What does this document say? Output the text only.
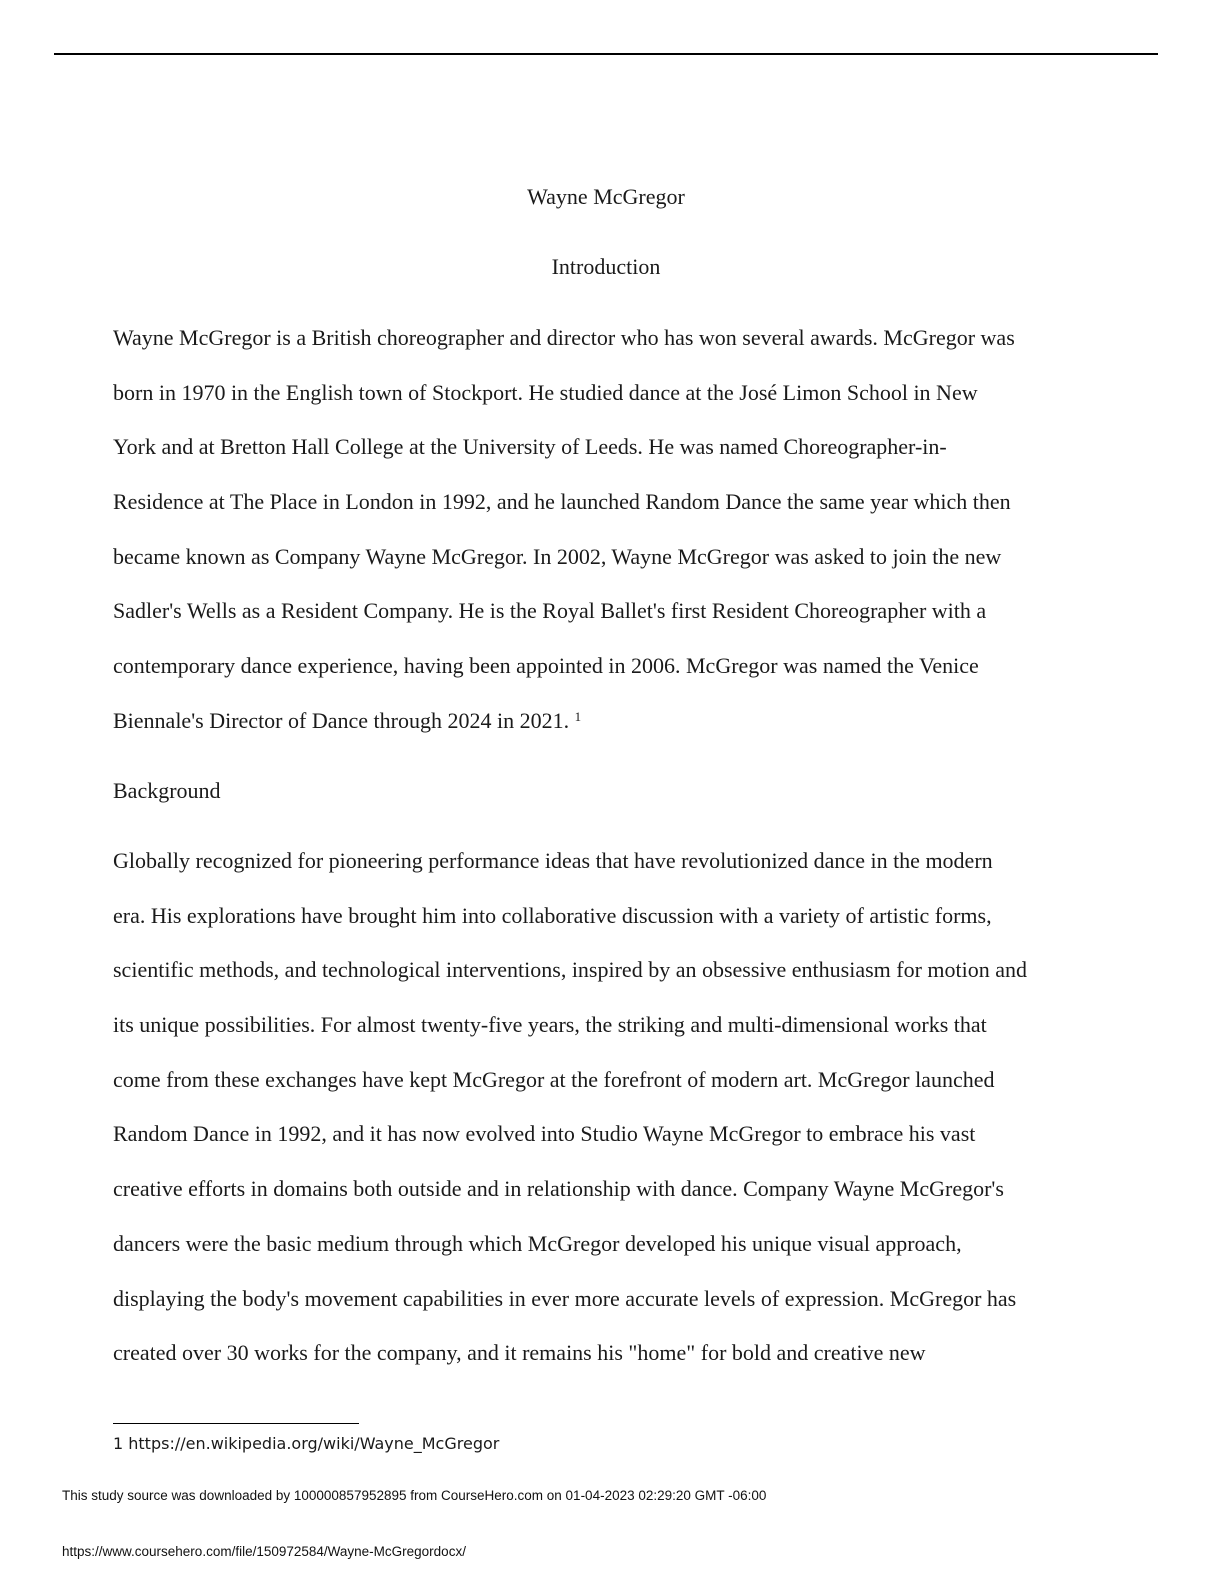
Wayne McGregor
Introduction
Wayne McGregor is a British choreographer and director who has won several awards. McGregor was
born in 1970 in the English town of Stockport. He studied dance at the José Limon School in New
York and at Bretton Hall College at the University of Leeds. He was named Choreographer-in-
Residence at The Place in London in 1992, and he launched Random Dance the same year which then
became known as Company Wayne McGregor. In 2002, Wayne McGregor was asked to join the new
Sadler's Wells as a Resident Company. He is the Royal Ballet's first Resident Choreographer with a
contemporary dance experience, having been appointed in 2006. McGregor was named the Venice
Biennale's Director of Dance through 2024 in 2021. $^1$
Background
Globally recognized for pioneering performance ideas that have revolutionized dance in the modern
era. His explorations have brought him into collaborative discussion with a variety of artistic forms,
scientific methods, and technological interventions, inspired by an obsessive enthusiasm for motion and
its unique possibilities. For almost twenty-five years, the striking and multi-dimensional works that
come from these exchanges have kept McGregor at the forefront of modern art. McGregor launched
Random Dance in 1992, and it has now evolved into Studio Wayne McGregor to embrace his vast
creative efforts in domains both outside and in relationship with dance. Company Wayne McGregor's
dancers were the basic medium through which McGregor developed his unique visual approach,
displaying the body's movement capabilities in ever more accurate levels of expression. McGregor has
created over 30 works for the company, and it remains his "home" for bold and creative new
1 https://en.wikipedia.org/wiki/Wayne_McGregor
This study source was downloaded by 100000857952895 from CourseHero.com on 01-04-2023 02:29:20 GMT -06:00
https://www.coursehero.com/file/150972584/Wayne-McGregordocx/
